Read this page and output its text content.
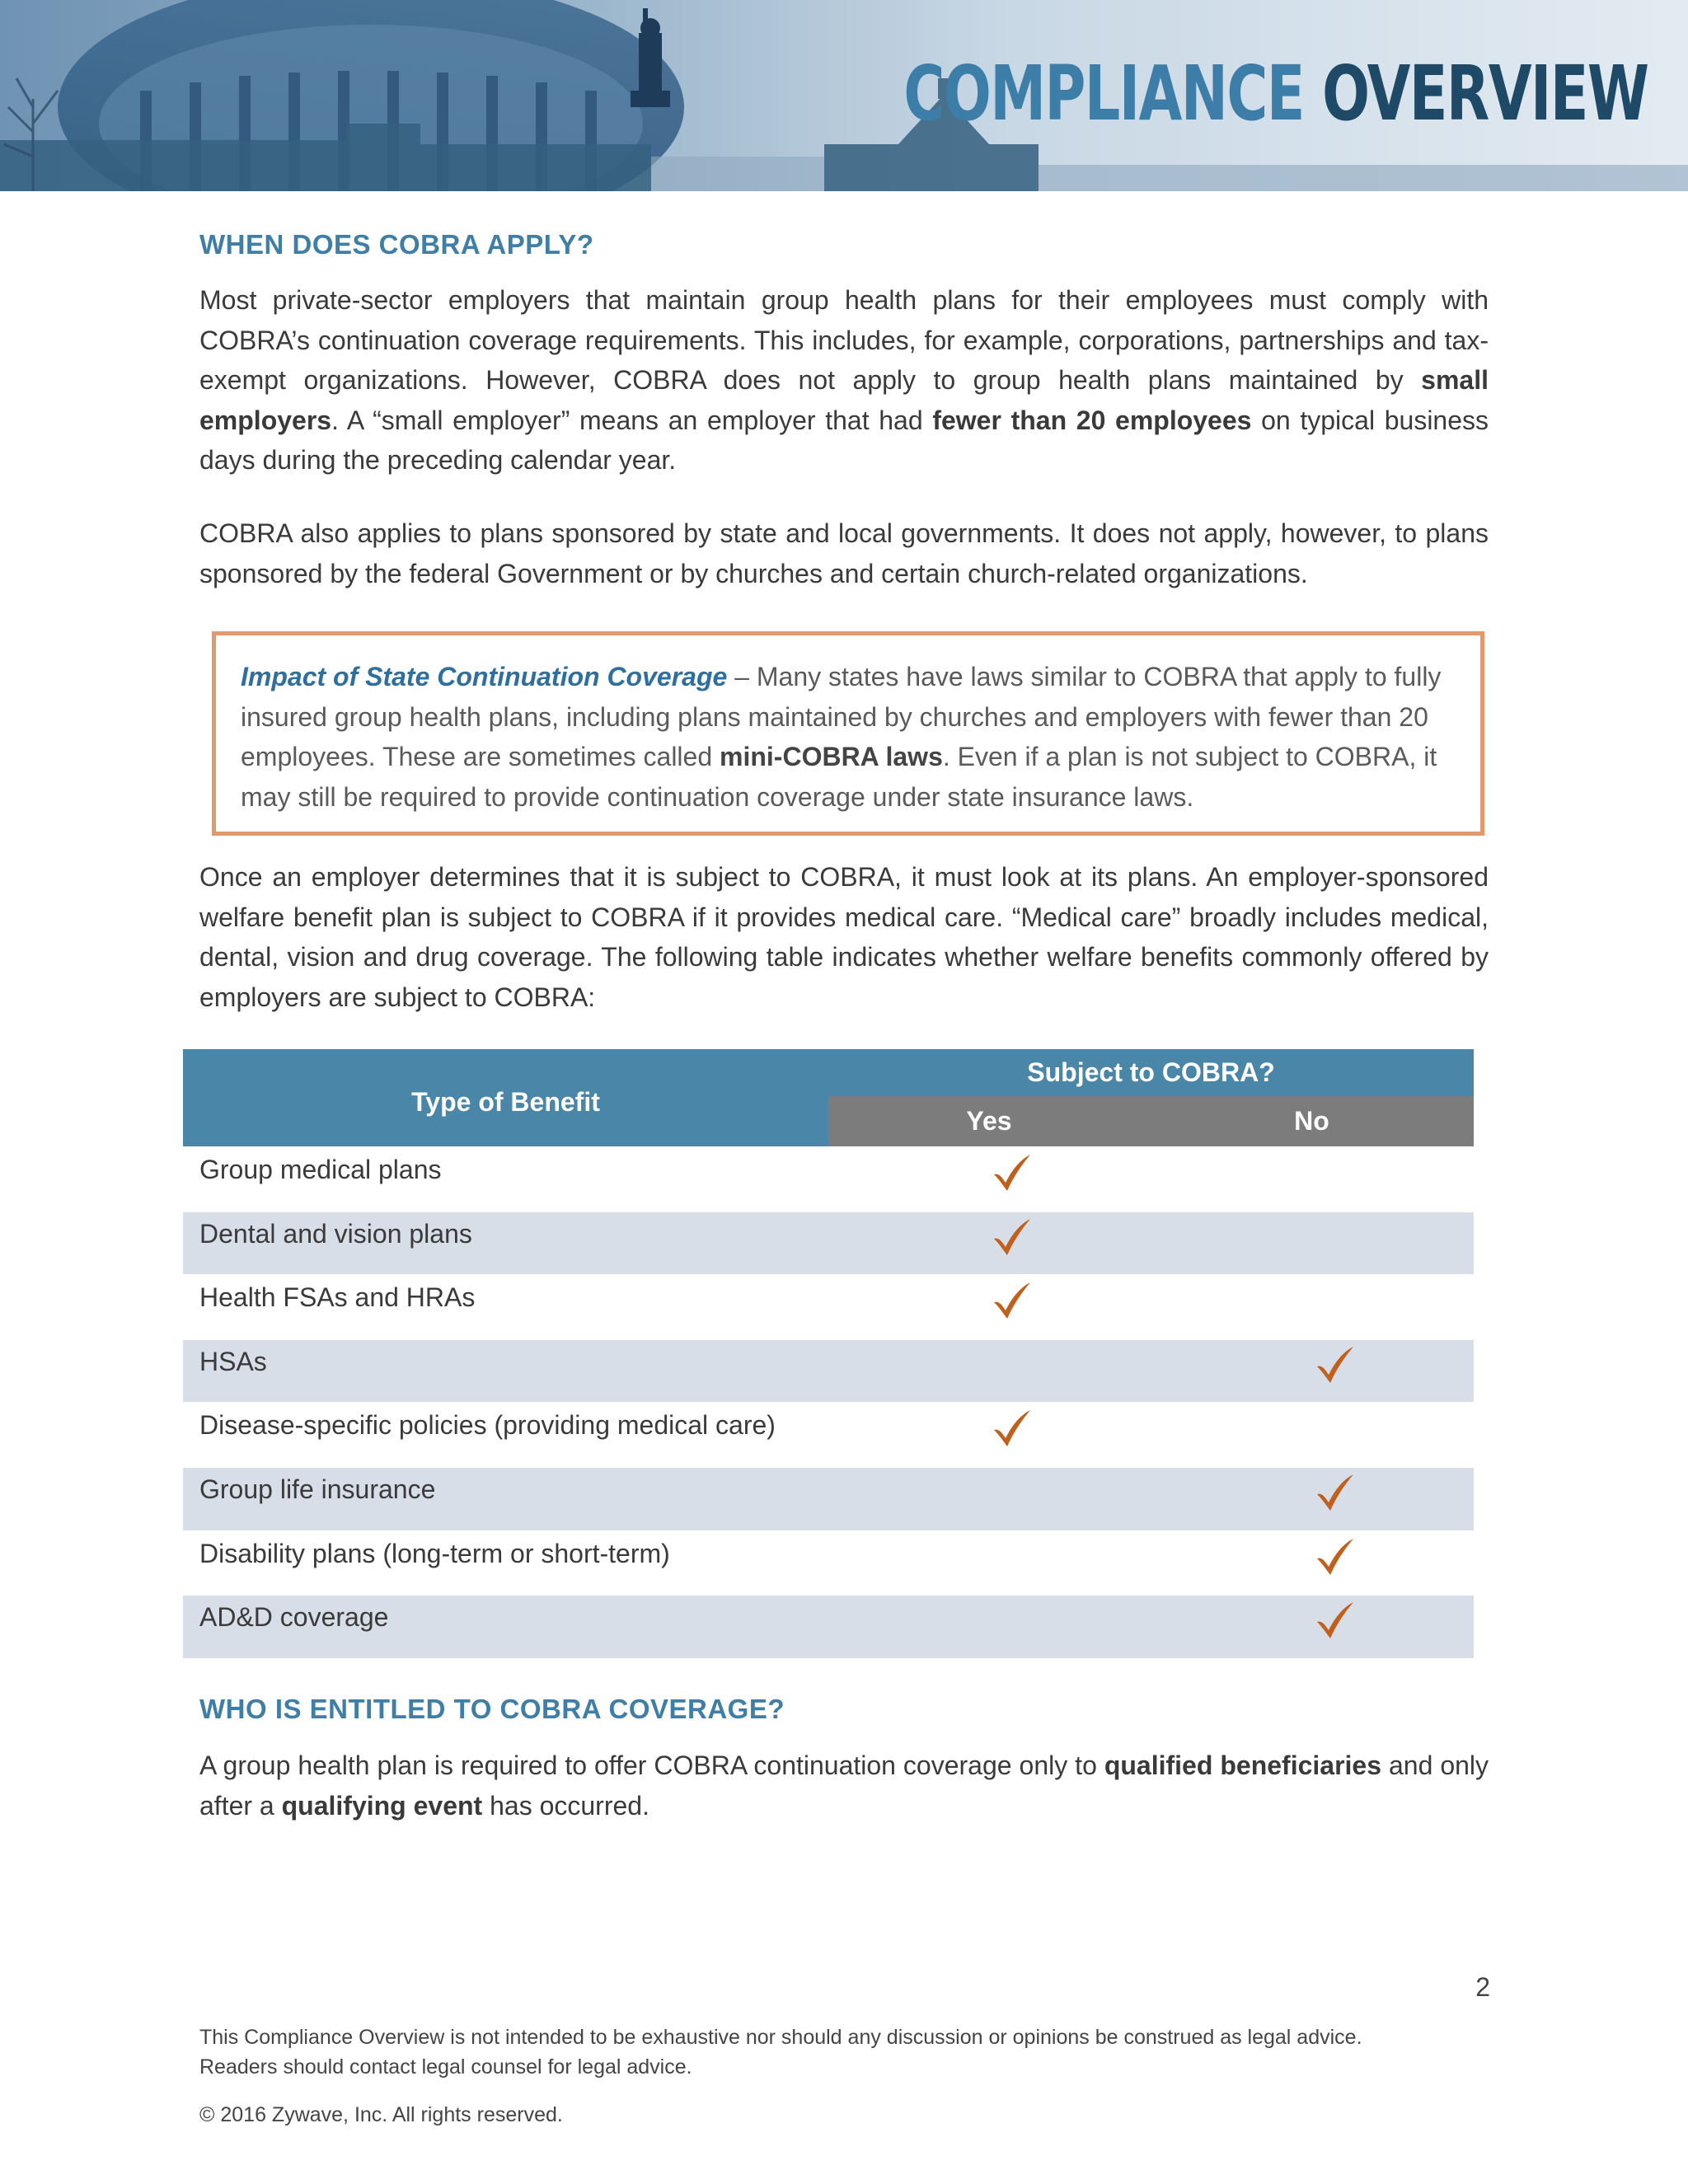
COMPLIANCE OVERVIEW
WHEN DOES COBRA APPLY?

Most private-sector employers that maintain group health plans for their employees must comply with COBRA’s continuation coverage requirements. This includes, for example, corporations, partnerships and tax-exempt organizations. However, COBRA does not apply to group health plans maintained by small employers. A “small employer” means an employer that had fewer than 20 employees on typical business days during the preceding calendar year.

COBRA also applies to plans sponsored by state and local governments. It does not apply, however, to plans sponsored by the federal Government or by churches and certain church-related organizations.

Impact of State Continuation Coverage – Many states have laws similar to COBRA that apply to fully insured group health plans, including plans maintained by churches and employers with fewer than 20 employees. These are sometimes called mini-COBRA laws. Even if a plan is not subject to COBRA, it may still be required to provide continuation coverage under state insurance laws.

Once an employer determines that it is subject to COBRA, it must look at its plans. An employer-sponsored welfare benefit plan is subject to COBRA if it provides medical care. “Medical care” broadly includes medical, dental, vision and drug coverage. The following table indicates whether welfare benefits commonly offered by employers are subject to COBRA:

Type of Benefit
Subject to COBRA?
Yes	No
Group medical plans
Dental and vision plans
Health FSAs and HRAs
HSAs
Disease-specific policies (providing medical care)
Group life insurance
Disability plans (long-term or short-term)
AD&D coverage
WHO IS ENTITLED TO COBRA COVERAGE?

A group health plan is required to offer COBRA continuation coverage only to qualified beneficiaries and only after a qualifying event has occurred.

2
This Compliance Overview is not intended to be exhaustive nor should any discussion or opinions be construed as legal advice.
Readers should contact legal counsel for legal advice.
© 2016 Zywave, Inc. All rights reserved.
